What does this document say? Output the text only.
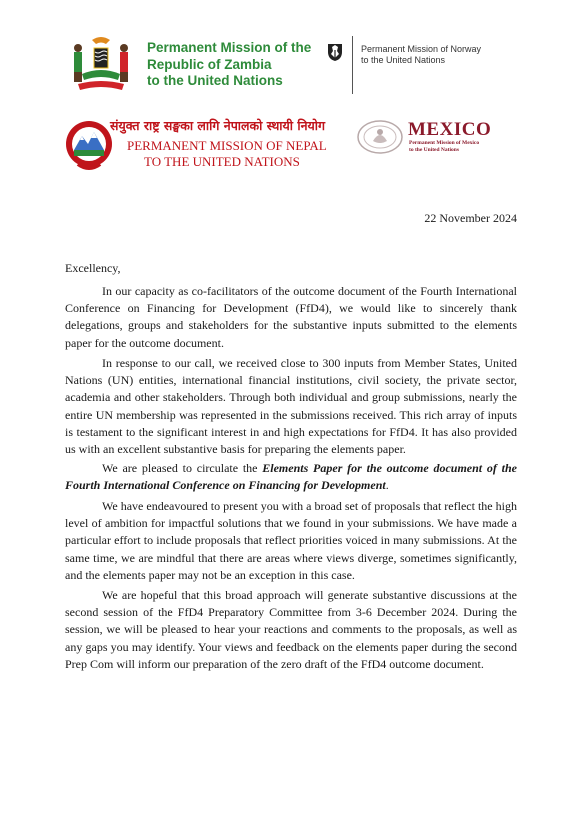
Permanent Mission of the
Republic of Zambia
to the United Nations
Permanent Mission of Norway
to the United Nations
संयुक्त राष्ट्र सङ्घका लागि नेपालको स्थायी नियोग
PERMANENT MISSION OF NEPAL
TO THE UNITED NATIONS
MEXICO
Permanent Mission of Mexico
to the United Nations
22 November 2024
Excellency,

In our capacity as co-facilitators of the outcome document of the Fourth International Conference on Financing for Development (FfD4), we would like to sincerely thank delegations, groups and stakeholders for the substantive inputs submitted to the elements paper for the outcome document.

In response to our call, we received close to 300 inputs from Member States, United Nations (UN) entities, international financial institutions, civil society, the private sector, academia and other stakeholders. Through both individual and group submissions, nearly the entire UN membership was represented in the submissions received. This rich array of inputs is testament to the significant interest in and high expectations for FfD4. It has also provided us with an excellent substantive basis for preparing the elements paper.

We are pleased to circulate the Elements Paper for the outcome document of the Fourth International Conference on Financing for Development.

We have endeavoured to present you with a broad set of proposals that reflect the high level of ambition for impactful solutions that we found in your submissions. We have made a particular effort to include proposals that reflect priorities voiced in many submissions. At the same time, we are mindful that there are areas where views diverge, sometimes significantly, and the elements paper may not be an exception in this case.

We are hopeful that this broad approach will generate substantive discussions at the second session of the FfD4 Preparatory Committee from 3-6 December 2024. During the session, we will be pleased to hear your reactions and comments to the proposals, as well as any gaps you may identify. Your views and feedback on the elements paper during the second Prep Com will inform our preparation of the zero draft of the FfD4 outcome document.
